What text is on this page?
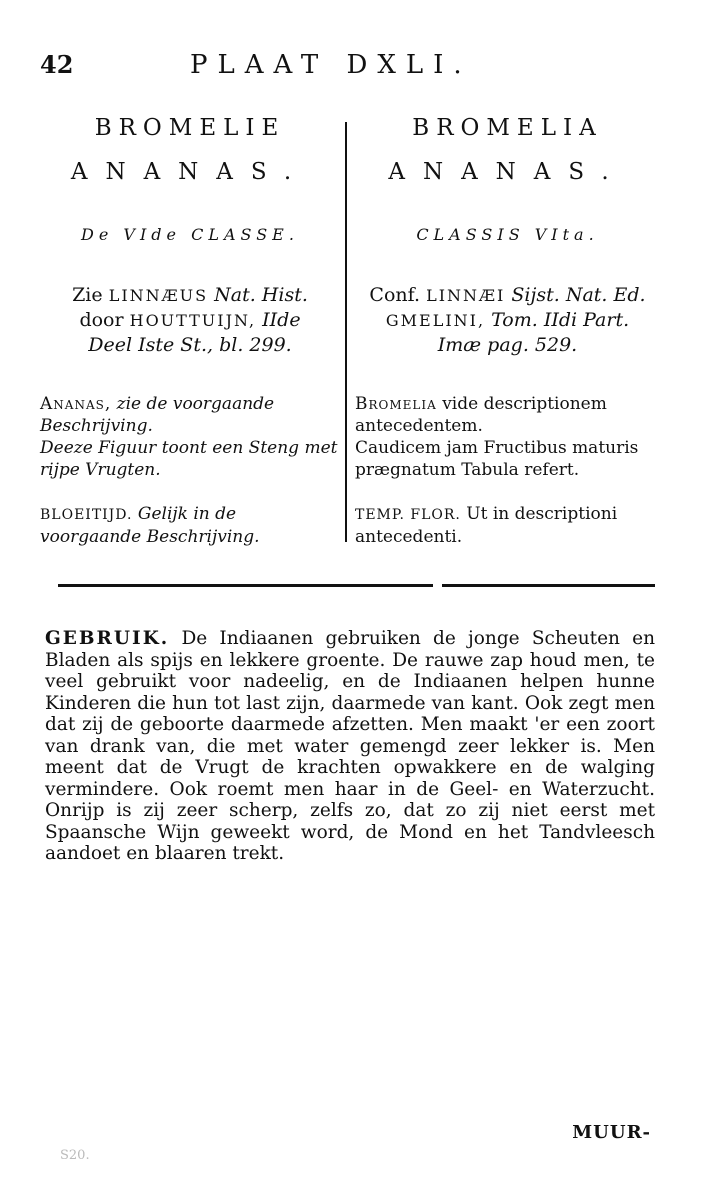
42	PLAAT DXLI.
BROMELIE
ANANAS.
De VIde CLASSE.
Zie LINNÆUS Nat. Hist.
door HOUTTUIJN, IIde
Deel Iste St., bl. 299.
Ananas, zie de voorgaande Beschrijving.
Deeze Figuur toont een Steng met rijpe Vrugten.
BLOEITIJD. Gelijk in de voorgaande Beschrijving.
BROMELIA
ANANAS.
CLASSIS VIta.
Conf. LINNÆI Sijst. Nat. Ed.
GMELINI, Tom. IIdi Part.
Imæ pag. 529.
Bromelia vide descriptionem antecedentem.
Caudicem jam Fructibus maturis prægnatum Tabula refert.
TEMP. FLOR. Ut in descriptioni antecedenti.
GEBRUIK. De Indiaanen gebruiken de jonge Scheuten en Bladen als spijs en lekkere groente. De rauwe zap houd men, te veel gebruikt voor nadeelig, en de Indiaanen helpen hunne Kinderen die hun tot last zijn, daarmede van kant. Ook zegt men dat zij de geboorte daarmede afzetten. Men maakt 'er een zoort van drank van, die met water gemengd zeer lekker is. Men meent dat de Vrugt de krachten opwakkere en de walging vermindere. Ook roemt men haar in de Geel- en Waterzucht. Onrijp is zij zeer scherp, zelfs zo, dat zo zij niet eerst met Spaansche Wijn geweekt word, de Mond en het Tandvleesch aandoet en blaaren trekt.
S20.
MUUR-
